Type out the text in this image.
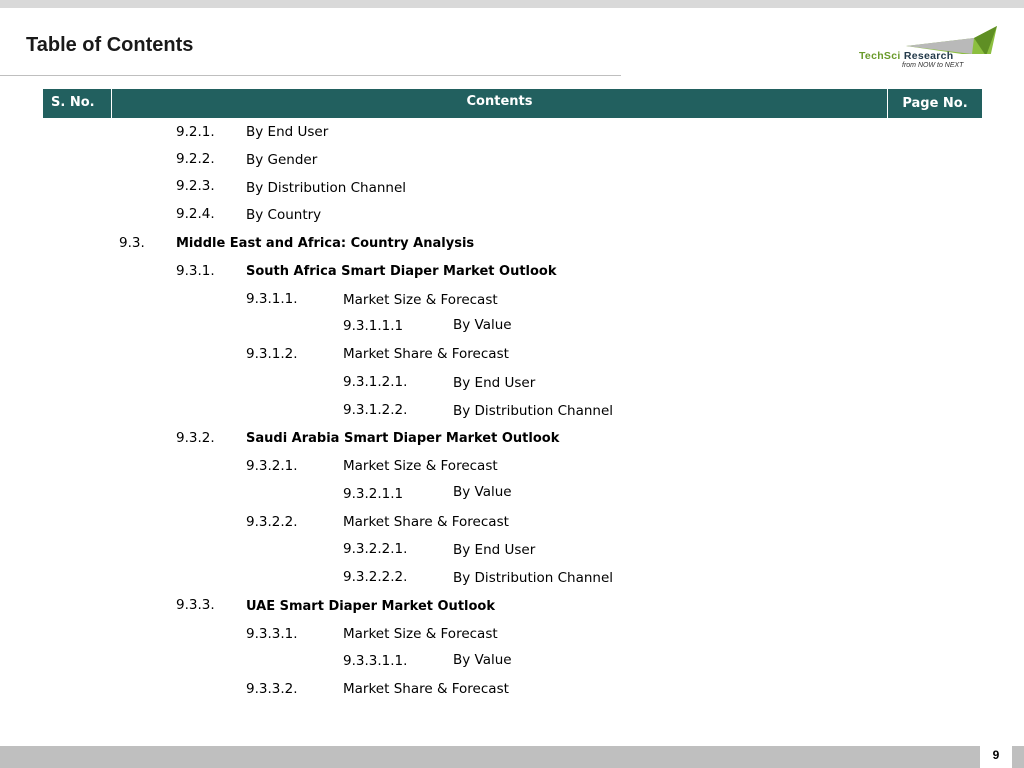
Table of Contents	TechSci Research
from NOW to NEXT
S. No.	Contents	Page No.
9.2.1. By End User
9.2.2. By Gender
9.2.3. By Distribution Channel
9.2.4. By Country
9.3. Middle East and Africa: Country Analysis
9.3.1. South Africa Smart Diaper Market Outlook
9.3.1.1.	Market Size & Forecast
9.3.1.1.1	By Value
9.3.1.2.	Market Share & Forecast
9.3.1.2.1.	By End User
9.3.1.2.2.	By Distribution Channel
9.3.2. Saudi Arabia Smart Diaper Market Outlook
9.3.2.1.	Market Size & Forecast
9.3.2.1.1	By Value
9.3.2.2.	Market Share & Forecast
9.3.2.2.1.	By End User
9.3.2.2.2.	By Distribution Channel
9.3.3. UAE Smart Diaper Market Outlook
9.3.3.1.	Market Size & Forecast
9.3.3.1.1.	By Value
9.3.3.2.	Market Share & Forecast
9
